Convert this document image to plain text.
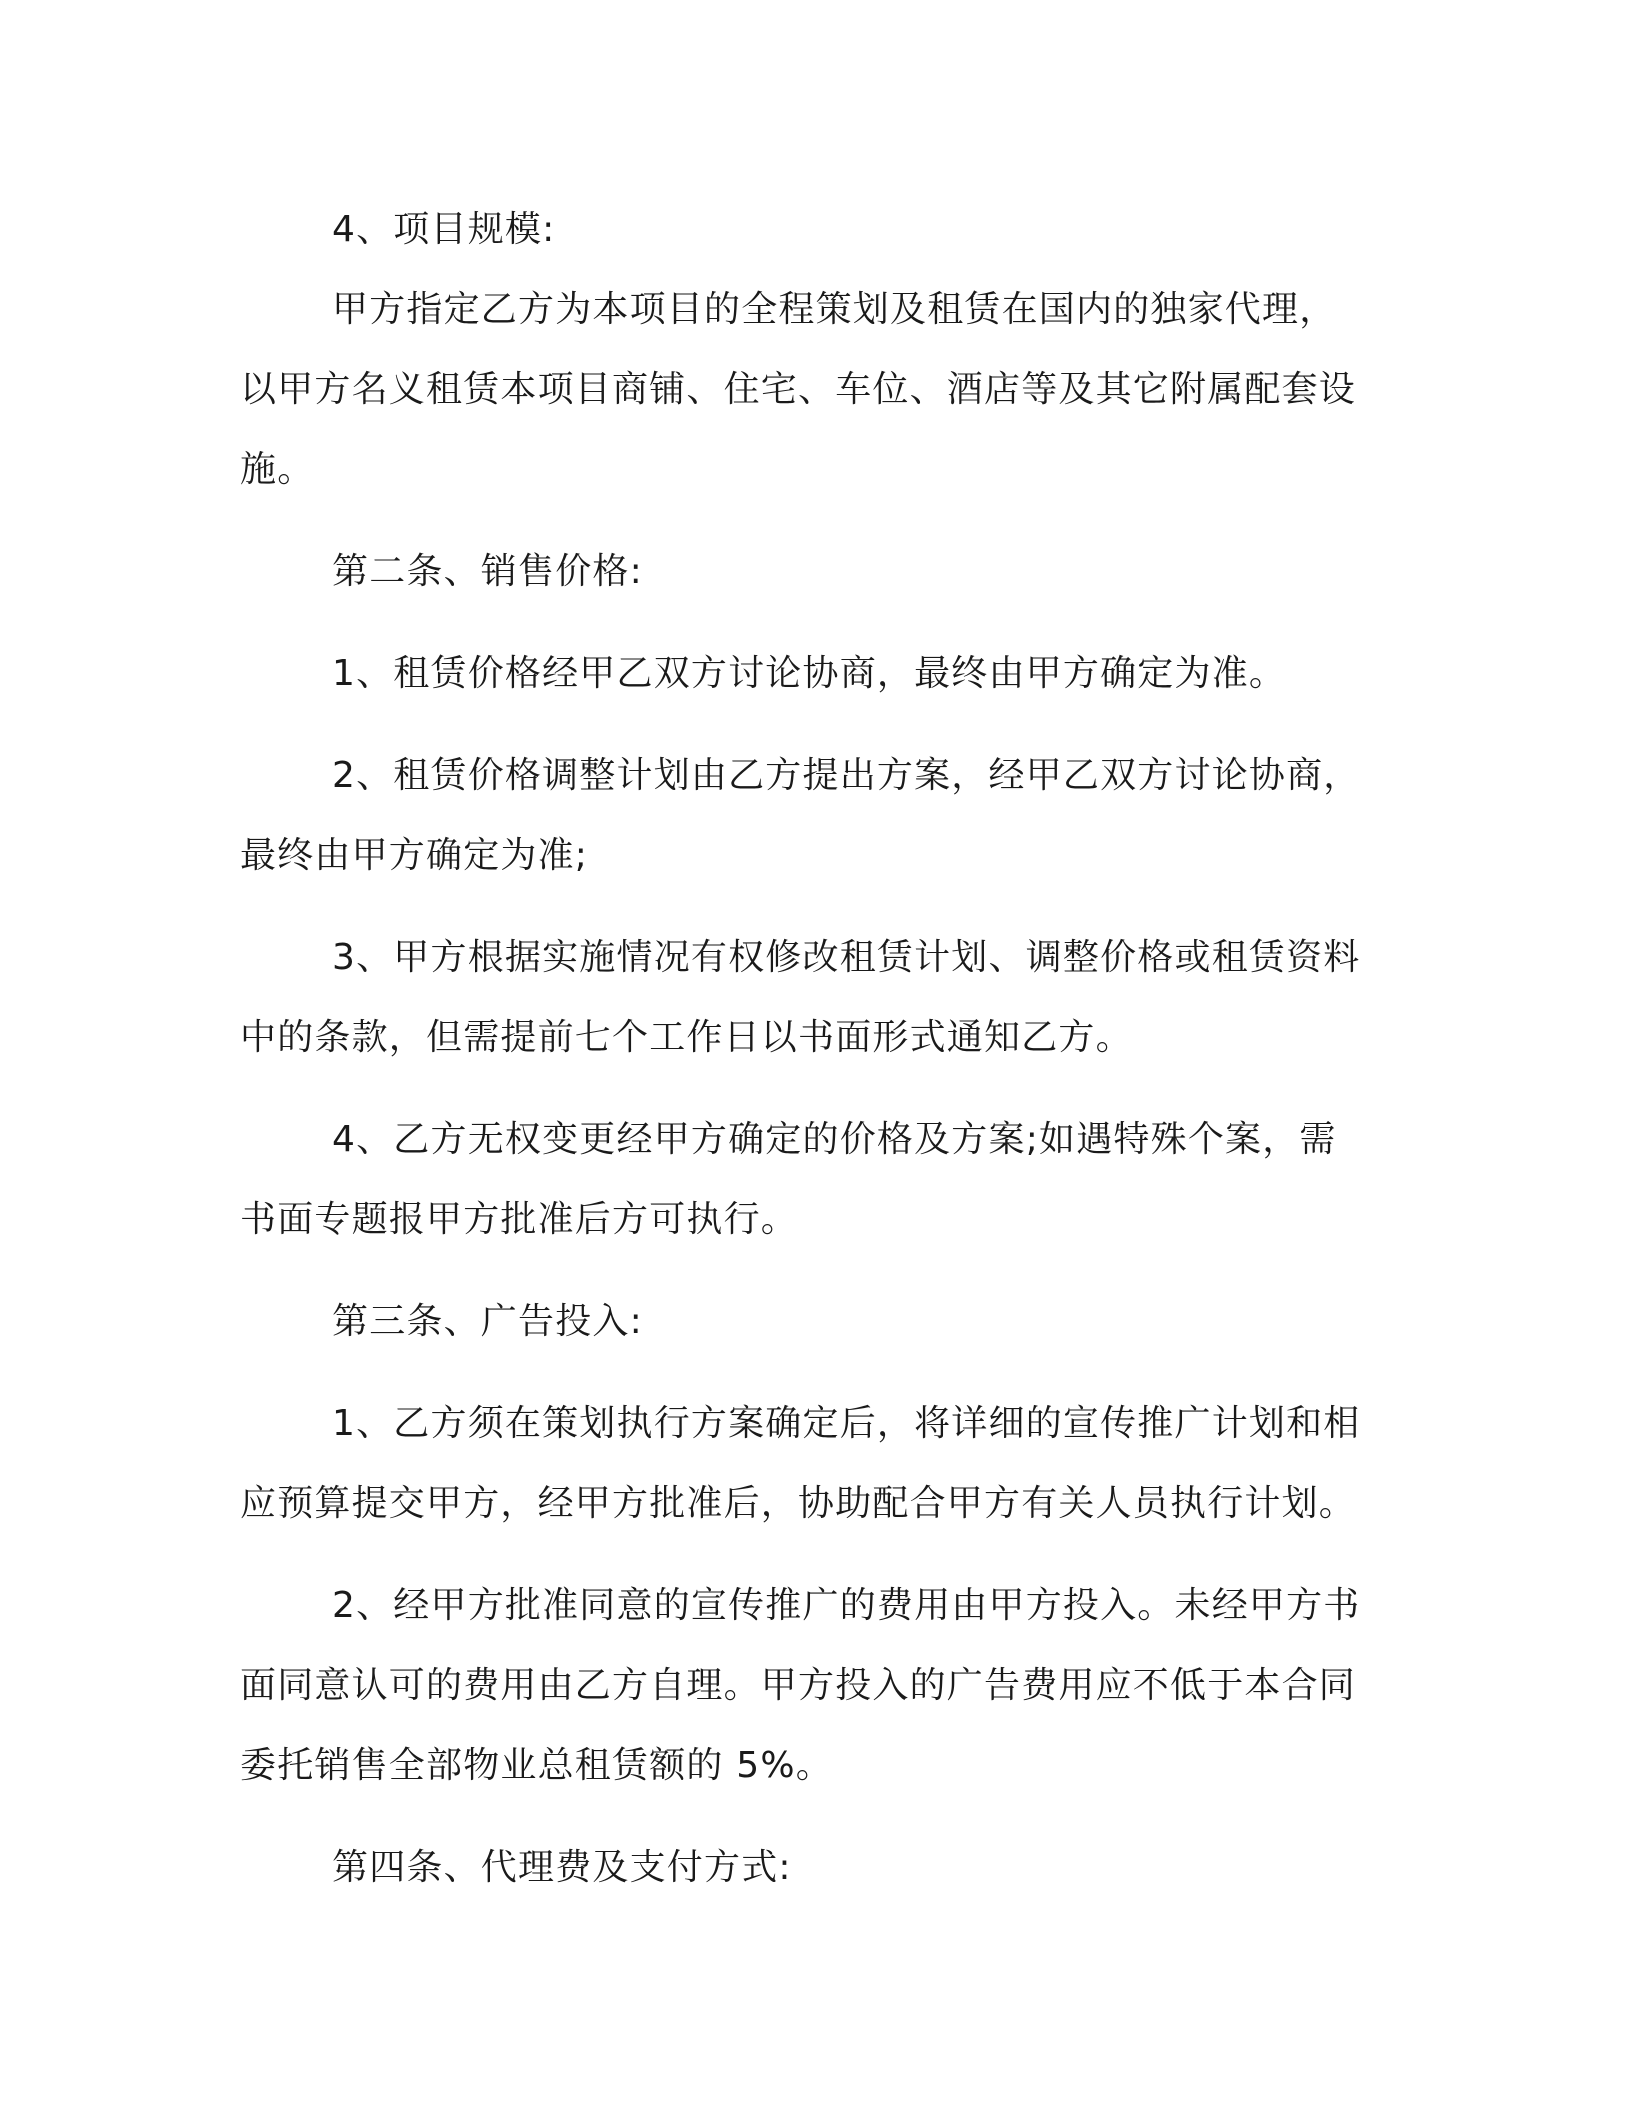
4、项目规模:

甲方指定乙方为本项目的全程策划及租赁在国内的独家代理，以甲方名义租赁本项目商铺、住宅、车位、酒店等及其它附属配套设施。

第二条、销售价格:

1、租赁价格经甲乙双方讨论协商，最终由甲方确定为准。

2、租赁价格调整计划由乙方提出方案，经甲乙双方讨论协商，最终由甲方确定为准;

3、甲方根据实施情况有权修改租赁计划、调整价格或租赁资料中的条款，但需提前七个工作日以书面形式通知乙方。

4、乙方无权变更经甲方确定的价格及方案;如遇特殊个案，需书面专题报甲方批准后方可执行。

第三条、广告投入:

1、乙方须在策划执行方案确定后，将详细的宣传推广计划和相应预算提交甲方，经甲方批准后，协助配合甲方有关人员执行计划。

2、经甲方批准同意的宣传推广的费用由甲方投入。未经甲方书面同意认可的费用由乙方自理。甲方投入的广告费用应不低于本合同委托销售全部物业总租赁额的 5%。

第四条、代理费及支付方式:
